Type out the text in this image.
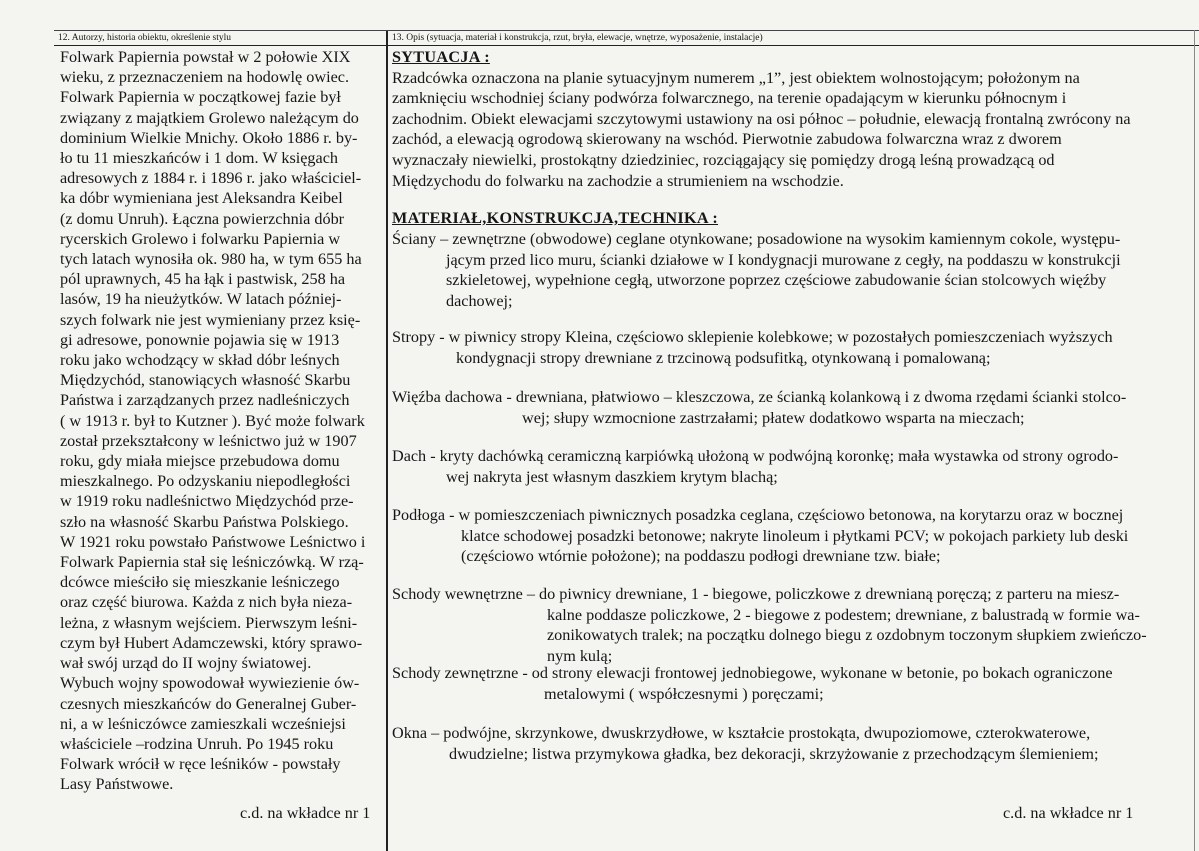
12. Autorzy, historia obiektu, określenie stylu	13. Opis (sytuacja, materiał i konstrukcja, rzut, bryła, elewacje, wnętrze, wyposażenie, instalacje)
Folwark Papiernia powstał w 2 połowie XIX
wieku, z przeznaczeniem na hodowlę owiec.
Folwark Papiernia w początkowej fazie był
związany z majątkiem Grolewo należącym do
dominium Wielkie Mnichy. Około 1886 r. by-
ło tu 11 mieszkańców i 1 dom. W księgach
adresowych z 1884 r. i 1896 r. jako właściciel-
ka dóbr wymieniana jest Aleksandra Keibel
(z domu Unruh). Łączna powierzchnia dóbr
rycerskich Grolewo i folwarku Papiernia w
tych latach wynosiła ok. 980 ha, w tym 655 ha
pól uprawnych, 45 ha łąk i pastwisk, 258 ha
lasów, 19 ha nieużytków. W latach później-
szych folwark nie jest wymieniany przez księ-
gi adresowe, ponownie pojawia się w 1913
roku jako wchodzący w skład dóbr leśnych
Międzychód, stanowiących własność Skarbu
Państwa i zarządzanych przez nadleśniczych
( w 1913 r. był to Kutzner ). Być może folwark
został przekształcony w leśnictwo już w 1907
roku, gdy miała miejsce przebudowa domu
mieszkalnego. Po odzyskaniu niepodległości
w 1919 roku nadleśnictwo Międzychód prze-
szło na własność Skarbu Państwa Polskiego.
W 1921 roku powstało Państwowe Leśnictwo i
Folwark Papiernia stał się leśniczówką. W rzą-
dcówce mieściło się mieszkanie leśniczego
oraz część biurowa. Każda z nich była nieza-
leżna, z własnym wejściem. Pierwszym leśni-
czym był Hubert Adamczewski, który sprawo-
wał swój urząd do II wojny światowej.
Wybuch wojny spowodował wywiezienie ów-
czesnych mieszkańców do Generalnej Guber-
ni, a w leśniczówce zamieszkali wcześniejsi
właściciele –rodzina Unruh. Po 1945 roku
Folwark wrócił w ręce leśników - powstały
Lasy Państwowe.
c.d. na wkładce nr 1
SYTUACJA :
Rzadcówka oznaczona na planie sytuacyjnym numerem „1”, jest obiektem wolnostojącym; położonym na
zamknięciu wschodniej ściany podwórza folwarcznego, na terenie opadającym w kierunku północnym i
zachodnim. Obiekt elewacjami szczytowymi ustawiony na osi północ – południe, elewacją frontalną zwrócony na
zachód, a elewacją ogrodową skierowany na wschód. Pierwotnie zabudowa folwarczna wraz z dworem
wyznaczały niewielki, prostokątny dziedziniec, rozciągający się pomiędzy drogą leśną prowadzącą od
Międzychodu do folwarku na zachodzie a strumieniem na wschodzie.
MATERIAŁ,KONSTRUKCJA,TECHNIKA :
Ściany – zewnętrzne (obwodowe) ceglane otynkowane; posadowione na wysokim kamiennym cokole, występu-
jącym przed lico muru, ścianki działowe w I kondygnacji murowane z cegły, na poddaszu w konstrukcji
szkieletowej, wypełnione cegłą, utworzone poprzez częściowe zabudowanie ścian stolcowych więźby
dachowej;
Stropy - w piwnicy stropy Kleina, częściowo sklepienie kolebkowe; w pozostałych pomieszczeniach wyższych
kondygnacji stropy drewniane z trzcinową podsufitką, otynkowaną i pomalowaną;
Więźba dachowa - drewniana, płatwiowo – kleszczowa, ze ścianką kolankową i z dwoma rzędami ścianki stolco-
wej; słupy wzmocnione zastrzałami; płatew dodatkowo wsparta na mieczach;
Dach - kryty dachówką ceramiczną karpiówką ułożoną w podwójną koronkę; mała wystawka od strony ogrodo-
wej nakryta jest własnym daszkiem krytym blachą;
Podłoga - w pomieszczeniach piwnicznych posadzka ceglana, częściowo betonowa, na korytarzu oraz w bocznej
klatce schodowej posadzki betonowe; nakryte linoleum i płytkami PCV; w pokojach parkiety lub deski
(częściowo wtórnie położone); na poddaszu podłogi drewniane tzw. białe;
Schody wewnętrzne – do piwnicy drewniane, 1 - biegowe, policzkowe z drewnianą poręczą; z parteru na miesz-
kalne poddasze policzkowe, 2 - biegowe z podestem; drewniane, z balustradą w formie wa-
zonikowatych tralek; na początku dolnego biegu z ozdobnym toczonym słupkiem zwieńczo-
nym kulą;
Schody zewnętrzne - od strony elewacji frontowej jednobiegowe, wykonane w betonie, po bokach ograniczone
metalowymi ( współczesnymi ) poręczami;
Okna – podwójne, skrzynkowe, dwuskrzydłowe, w kształcie prostokąta, dwupoziomowe, czterokwaterowe,
dwudzielne; listwa przymykowa gładka, bez dekoracji, skrzyżowanie z przechodzącym ślemieniem;
c.d. na wkładce nr 1
